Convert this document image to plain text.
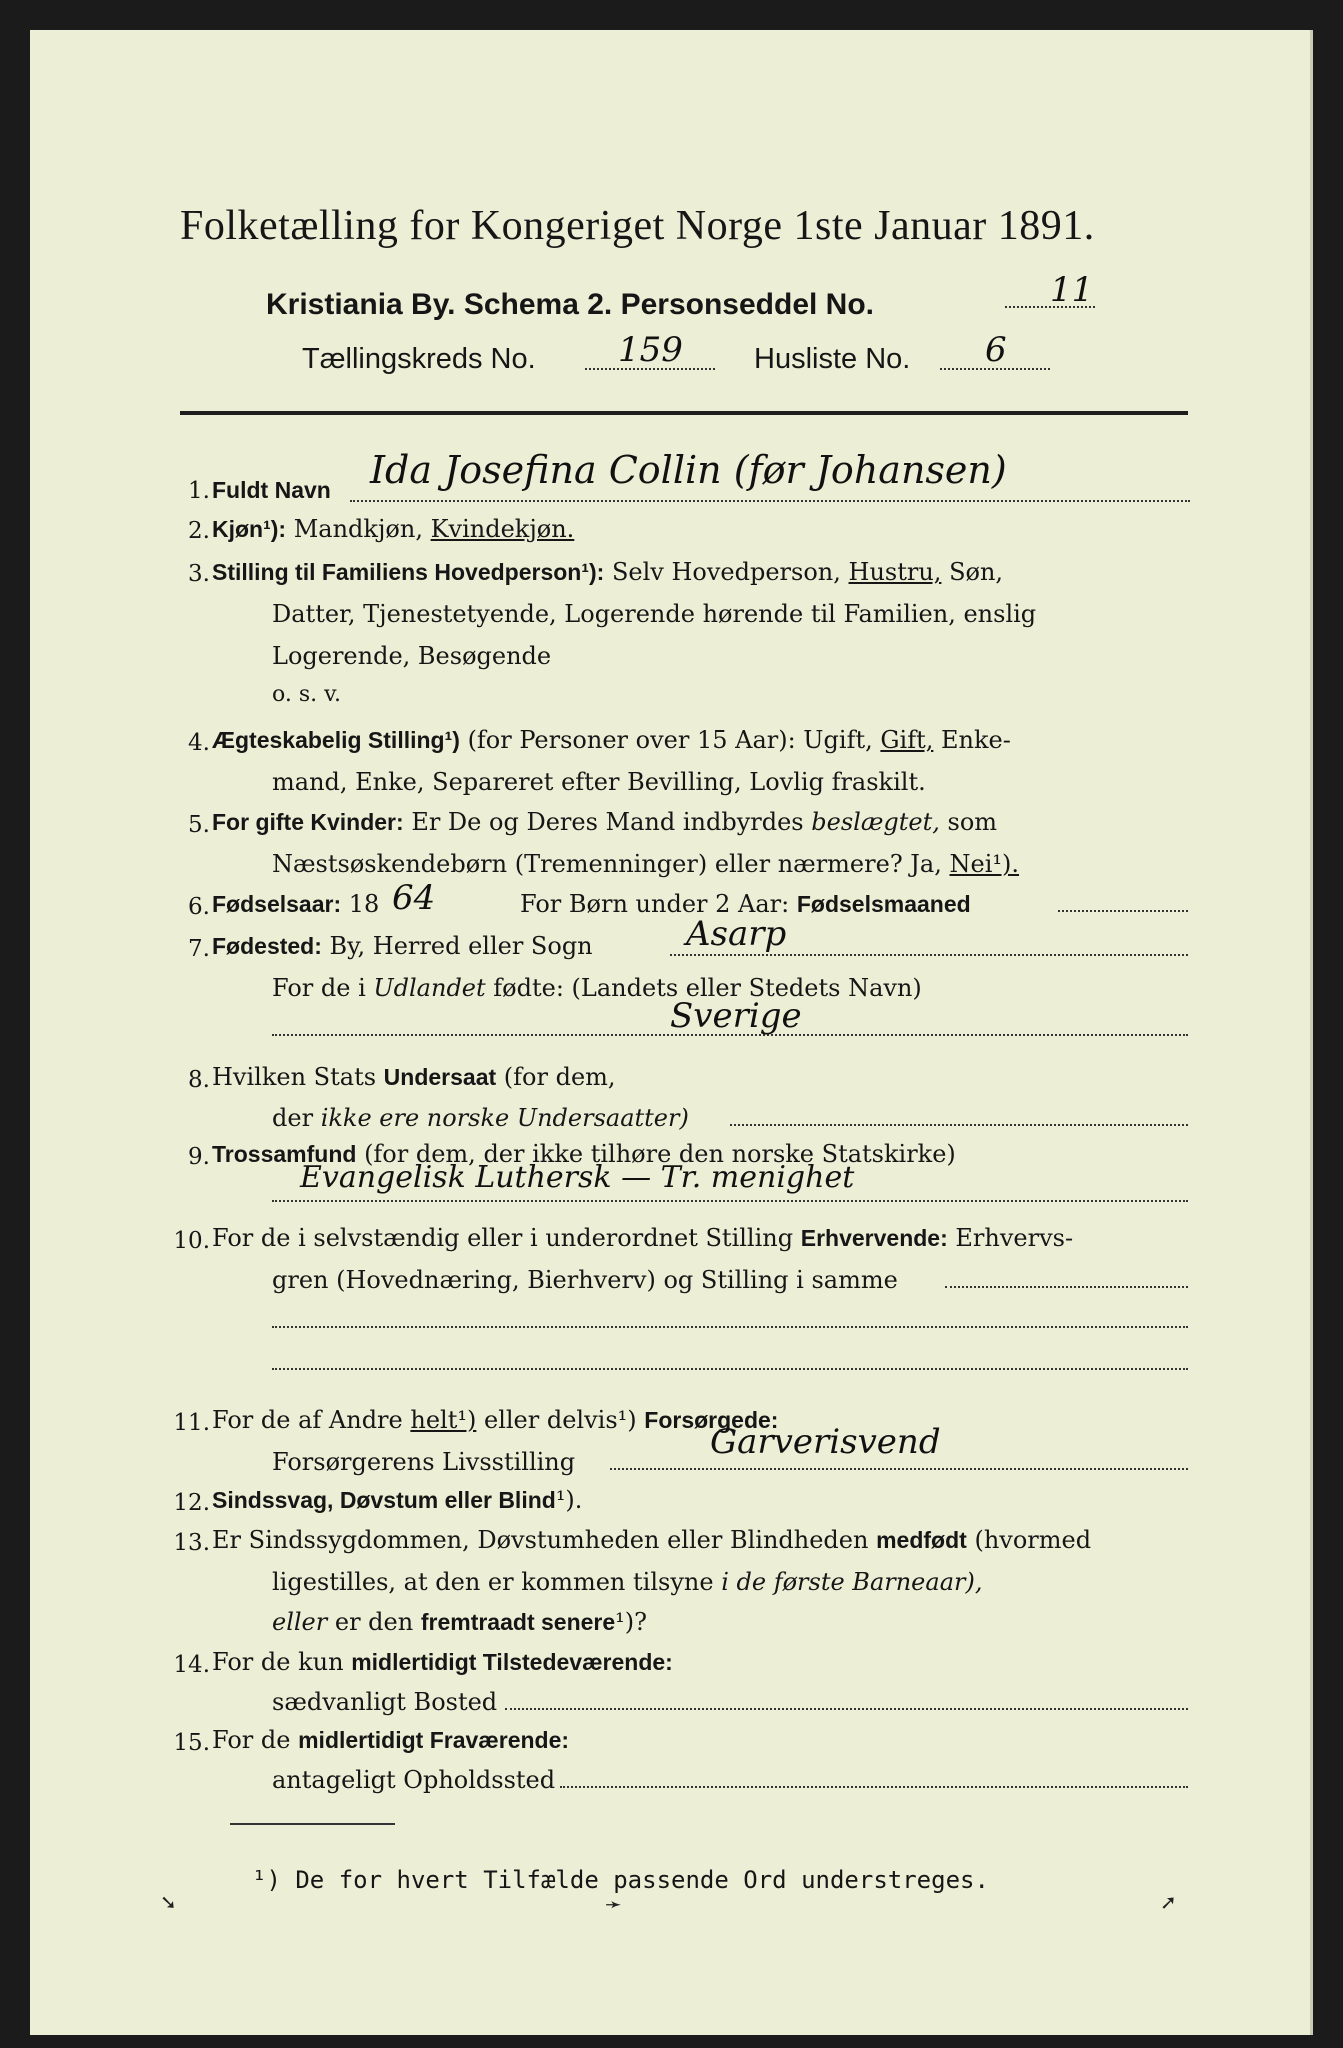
Folketælling for Kongeriget Norge 1ste Januar 1891.
Kristiania By. Schema 2. Personseddel No.	11
Tællingskreds No. 159 Husliste No. 6
1. Fuldt Navn Ida Josefina Collin (før Johansen)
2. Kjøn¹): Mandkjøn, Kvindekjøn.
3. Stilling til Familiens Hovedperson¹): Selv Hovedperson, Hustru, Søn,
Datter, Tjenestetyende, Logerende hørende til Familien, enslig
Logerende, Besøgende
o. s. v.
4. Ægteskabelig Stilling¹) (for Personer over 15 Aar): Ugift, Gift, Enke-
mand, Enke, Separeret efter Bevilling, Lovlig fraskilt.
5. For gifte Kvinder: Er De og Deres Mand indbyrdes beslægtet, som
Næstsøskendebørn (Tremenninger) eller nærmere? Ja, Nei¹).
6. Fødselsaar: 18 64	For Børn under 2 Aar: Fødselsmaaned
7. Fødested: By, Herred eller Sogn	Asarp
For de i Udlandet fødte: (Landets eller Stedets Navn)
Sverige
8. Hvilken Stats Undersaat (for dem,
der ikke ere norske Undersaatter)
9. Trossamfund (for dem, der ikke tilhøre den norske Statskirke)
Evangelisk Luthersk — Tr. menighet
10. For de i selvstændig eller i underordnet Stilling Erhvervende: Erhvervs-
gren (Hovednæring, Bierhverv) og Stilling i samme
11. For de af Andre helt¹) eller delvis¹) Forsørgede:
Forsørgerens Livsstilling	Garverisvend
12. Sindssvag, Døvstum eller Blind¹).
13. Er Sindssygdommen, Døvstumheden eller Blindheden medfødt (hvormed
ligestilles, at den er kommen tilsyne i de første Barneaar),
eller er den fremtraadt senere¹)?
14. For de kun midlertidigt Tilstedeværende:
sædvanligt Bosted
15. For de midlertidigt Fraværende:
antageligt Opholdssted
¹) De for hvert Tilfælde passende Ord understreges.
➘	➛	➚
